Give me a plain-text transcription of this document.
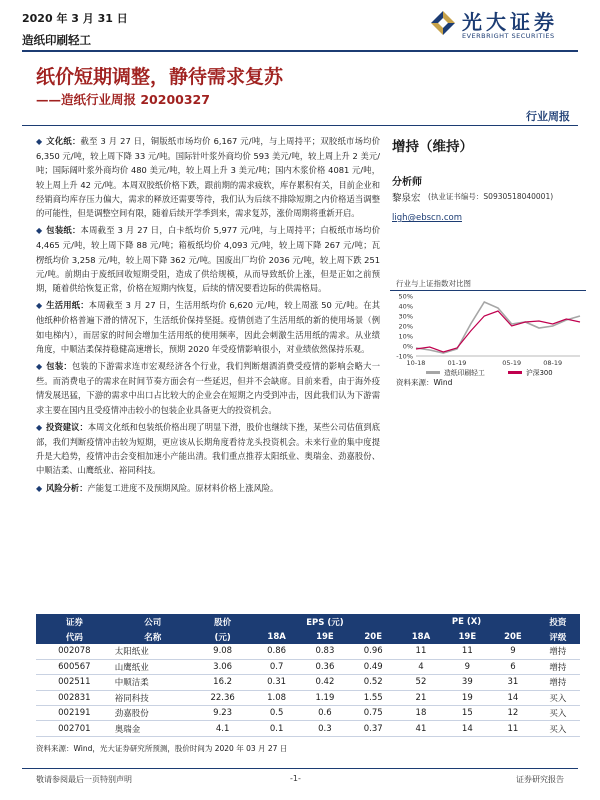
2020 年 3 月 31 日
造纸印刷轻工
光大证券
EVERBRIGHT SECURITIES
纸价短期调整，静待需求复苏
——造纸行业周报 20200327
行业周报
◆ 文化纸：截至 3 月 27 日，铜版纸市场均价 6,167 元/吨，与上周持平；双胶纸市场均价 6,350 元/吨，较上周下降 33 元/吨。国际针叶浆外商均价 593 美元/吨，较上周上升 2 美元/吨；国际阔叶浆外商均价 480 美元/吨，较上周上升 3 美元/吨；国内木浆价格 4081 元/吨，较上周上升 42 元/吨。本周双胶纸价格下跌，跟前期的需求疲软，库存累积有关，目前企业和经销商均库存压力偏大，需求的释放还需要等待，我们认为后续不排除短期之内价格适当调整的可能性，但是调整空间有限，随着后续开学季到来，需求复苏，涨价周期将重新开启。
◆ 包装纸：本周截至 3 月 27 日，白卡纸均价 5,977 元/吨，与上周持平；白板纸市场均价 4,465 元/吨，较上周下降 88 元/吨；箱板纸均价 4,093 元/吨，较上周下降 267 元/吨；瓦楞纸均价 3,258 元/吨，较上周下降 362 元/吨。国废出厂均价 2036 元/吨，较上周下跌 251 元/吨。前期由于废纸回收短期受阻，造成了供给规模，从而导致纸价上涨，但是正如之前预期，随着供给恢复正常，价格在短期内恢复，后续的情况要看边际的供需格局。
◆ 生活用纸：本周截至 3 月 27 日，生活用纸均价 6,620 元/吨，较上周涨 50 元/吨。在其他纸种价格普遍下滑的情况下，生活纸价保持坚挺。疫情创造了生活用纸的新的使用场景（例如电梯内），而居家的时间会增加生活用纸的使用频率，因此会刺激生活用纸的需求。从业绩角度，中顺洁柔保持稳健高速增长，预期 2020 年受疫情影响很小，对业绩依然保持乐观。
◆ 包装：包装的下游需求连市宏观经济各个行业，我们判断烟酒消费受疫情的影响会略大一些。而消费电子的需求在时间节奏方面会有一些延迟，但并不会缺席。目前来看，由于海外疫情发展迅猛，下游的需求中出口占比较大的企业会在短期之内受到冲击，因此我们认为下游需求主要在国内且受疫情冲击较小的包装企业具备更大的投资机会。
◆ 投资建议：本周文化纸和包装纸价格出现了明显下滑，股价也继续下挫，某些公司估值到底部，我们判断疫情冲击较为短期，更应该从长期角度看待龙头投资机会。未来行业的集中度提升是大趋势，疫情冲击会变相加速小产能出清。我们重点推荐太阳纸业、奥瑞金、劲嘉股份、中顺洁柔、山鹰纸业、裕同科技。
◆ 风险分析：产能复工进度不及预期风险。原材料价格上涨风险。
增持（维持）
分析师
黎泉宏 (执业证书编号：S0930518040001)
ligh@ebscn.com
行业与上证指数对比图
-10%
0%
10%
20%
30%
40%
50%
10-18	01-19	05-19	08-19
造纸印刷轻工	沪深300
资料来源：Wind
证券	公司	股价	EPS (元)			PE (X)			投资
代码	名称	(元)	18A	19E	20E	18A	19E	20E	评级
002078	太阳纸业	9.08	0.86	0.83	0.96	11	11	9	增持
600567	山鹰纸业	3.06	0.7	0.36	0.49	4	9	6	增持
002511	中顺洁柔	16.2	0.31	0.42	0.52	52	39	31	增持
002831	裕同科技	22.36	1.08	1.19	1.55	21	19	14	买入
002191	劲嘉股份	9.23	0.5	0.6	0.75	18	15	12	买入
002701	奥瑞金	4.1	0.1	0.3	0.37	41	14	11	买入
资料来源：Wind，光大证券研究所预测，股价时间为 2020 年 03 月 27 日
敬请参阅最后一页特别声明	-1-	证券研究报告
